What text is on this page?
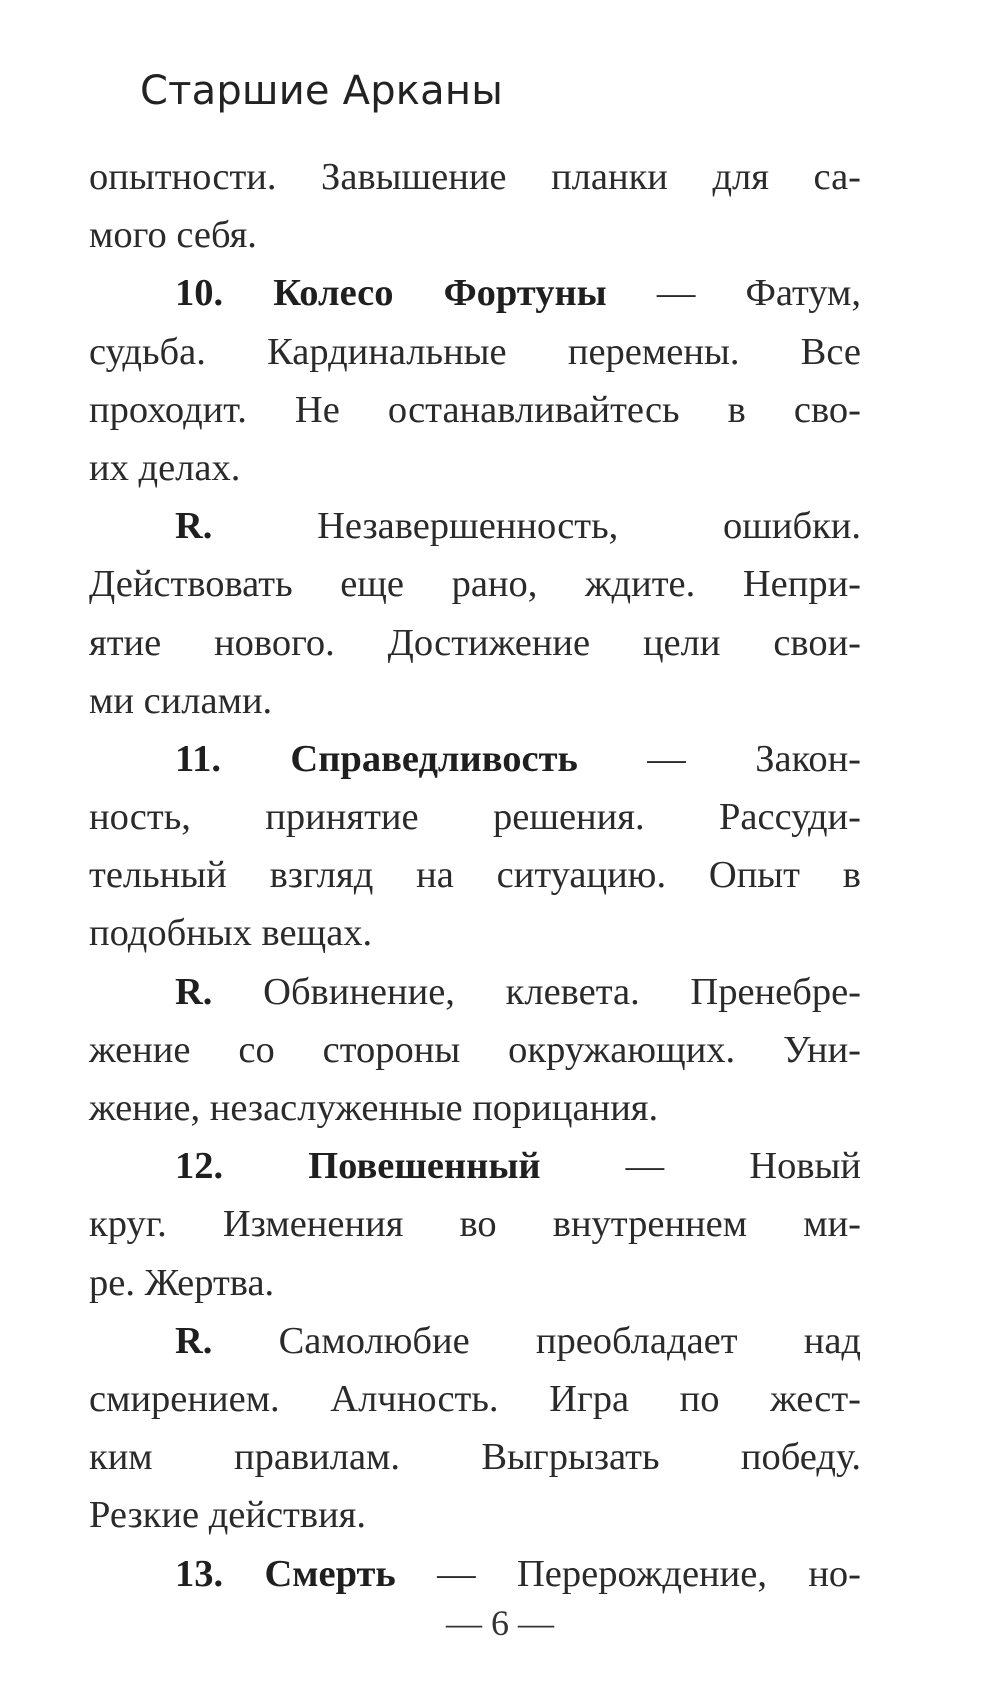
Старшие Арканы
опытности. Завышение планки для са-
мого себя.
10. Колесо Фортуны — Фатум,
судьба. Кардинальные перемены. Все
проходит. Не останавливайтесь в сво-
их делах.
R. Незавершенность, ошибки.
Действовать еще рано, ждите. Непри-
ятие нового. Достижение цели свои-
ми силами.
11. Справедливость — Закон-
ность, принятие решения. Рассуди-
тельный взгляд на ситуацию. Опыт в
подобных вещах.
R. Обвинение, клевета. Пренебре-
жение со стороны окружающих. Уни-
жение, незаслуженные порицания.
12. Повешенный — Новый
круг. Изменения во внутреннем ми-
ре. Жертва.
R. Самолюбие преобладает над
смирением. Алчность. Игра по жест-
ким правилам. Выгрызать победу.
Резкие действия.
13. Смерть — Перерождение, но-
— 6 —
